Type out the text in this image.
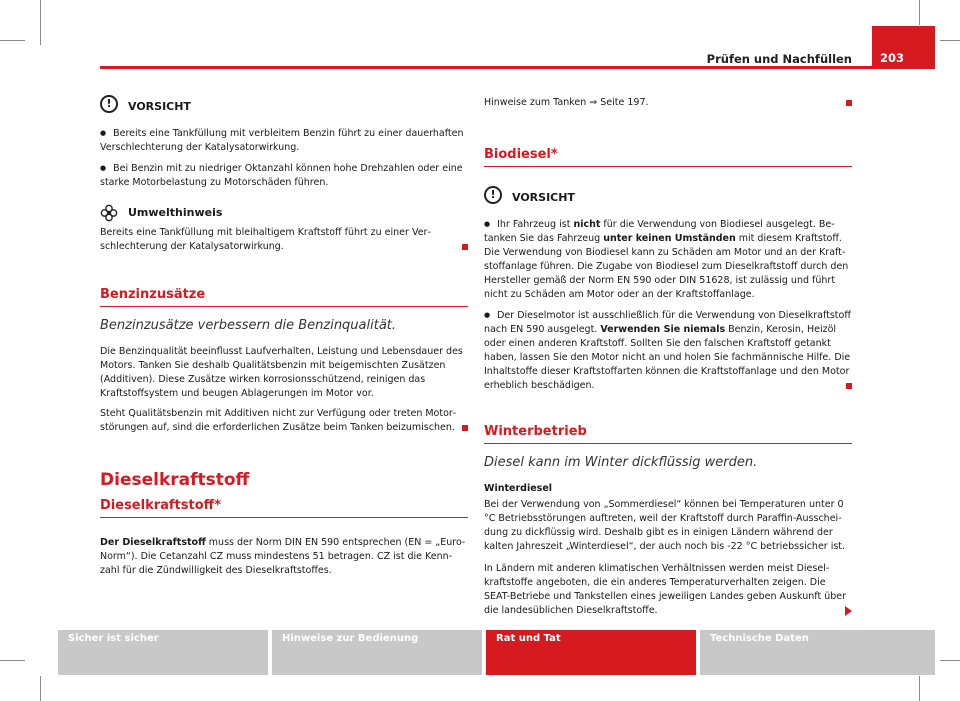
Prüfen und Nachfüllen	203
!	VORSICHT
● Bereits eine Tankfüllung mit verbleitem Benzin führt zu einer dauerhaften Verschlechterung der Katalysatorwirkung.
● Bei Benzin mit zu niedriger Oktanzahl können hohe Drehzahlen oder eine starke Motorbelastung zu Motorschäden führen.
Umwelthinweis

Bereits eine Tankfüllung mit bleihaltigem Kraftstoff führt zu einer Verschlechterung der Katalysatorwirkung.

Benzinzusätze
Benzinzusätze verbessern die Benzinqualität.

Die Benzinqualität beeinflusst Laufverhalten, Leistung und Lebensdauer des Motors. Tanken Sie deshalb Qualitätsbenzin mit beigemischten Zusätzen (Additiven). Diese Zusätze wirken korrosionsschützend, reinigen das Kraftstoffsystem und beugen Ablagerungen im Motor vor.

Steht Qualitätsbenzin mit Additiven nicht zur Verfügung oder treten Motorstörungen auf, sind die erforderlichen Zusätze beim Tanken beizumischen.

Dieselkraftstoff
Dieselkraftstoff*

Der Dieselkraftstoff muss der Norm DIN EN 590 entsprechen (EN = „EuroNorm“). Die Cetanzahl CZ muss mindestens 51 betragen. CZ ist die Kennzahl für die Zündwilligkeit des Dieselkraftstoffes.

Hinweise zum Tanken ⇒ Seite 197.

Biodiesel*
!	VORSICHT
● Ihr Fahrzeug ist nicht für die Verwendung von Biodiesel ausgelegt. Betanken Sie das Fahrzeug unter keinen Umständen mit diesem Kraftstoff. Die Verwendung von Biodiesel kann zu Schäden am Motor und an der Kraftstoffanlage führen. Die Zugabe von Biodiesel zum Dieselkraftstoff durch den Hersteller gemäß der Norm EN 590 oder DIN 51628, ist zulässig und führt nicht zu Schäden am Motor oder an der Kraftstoffanlage.
● Der Dieselmotor ist ausschließlich für die Verwendung von Dieselkraftstoff nach EN 590 ausgelegt. Verwenden Sie niemals Benzin, Kerosin, Heizöl oder einen anderen Kraftstoff. Sollten Sie den falschen Kraftstoff getankt haben, lassen Sie den Motor nicht an und holen Sie fachmännische Hilfe. Die Inhaltstoffe dieser Kraftstoffarten können die Kraftstoffanlage und den Motor erheblich beschädigen.
Winterbetrieb
Diesel kann im Winter dickflüssig werden.
Winterdiesel

Bei der Verwendung von „Sommerdiesel“ können bei Temperaturen unter 0 °C Betriebsstörungen auftreten, weil der Kraftstoff durch Paraffin-Ausscheidung zu dickflüssig wird. Deshalb gibt es in einigen Ländern während der kalten Jahreszeit „Winterdiesel“, der auch noch bis -22 °C betriebssicher ist.

In Ländern mit anderen klimatischen Verhältnissen werden meist Dieselkraftstoffe angeboten, die ein anderes Temperaturverhalten zeigen. Die SEAT-Betriebe und Tankstellen eines jeweiligen Landes geben Auskunft über die landesüblichen Dieselkraftstoffe.

Sicher ist sicher	Hinweise zur Bedienung	Rat und Tat	Technische Daten
